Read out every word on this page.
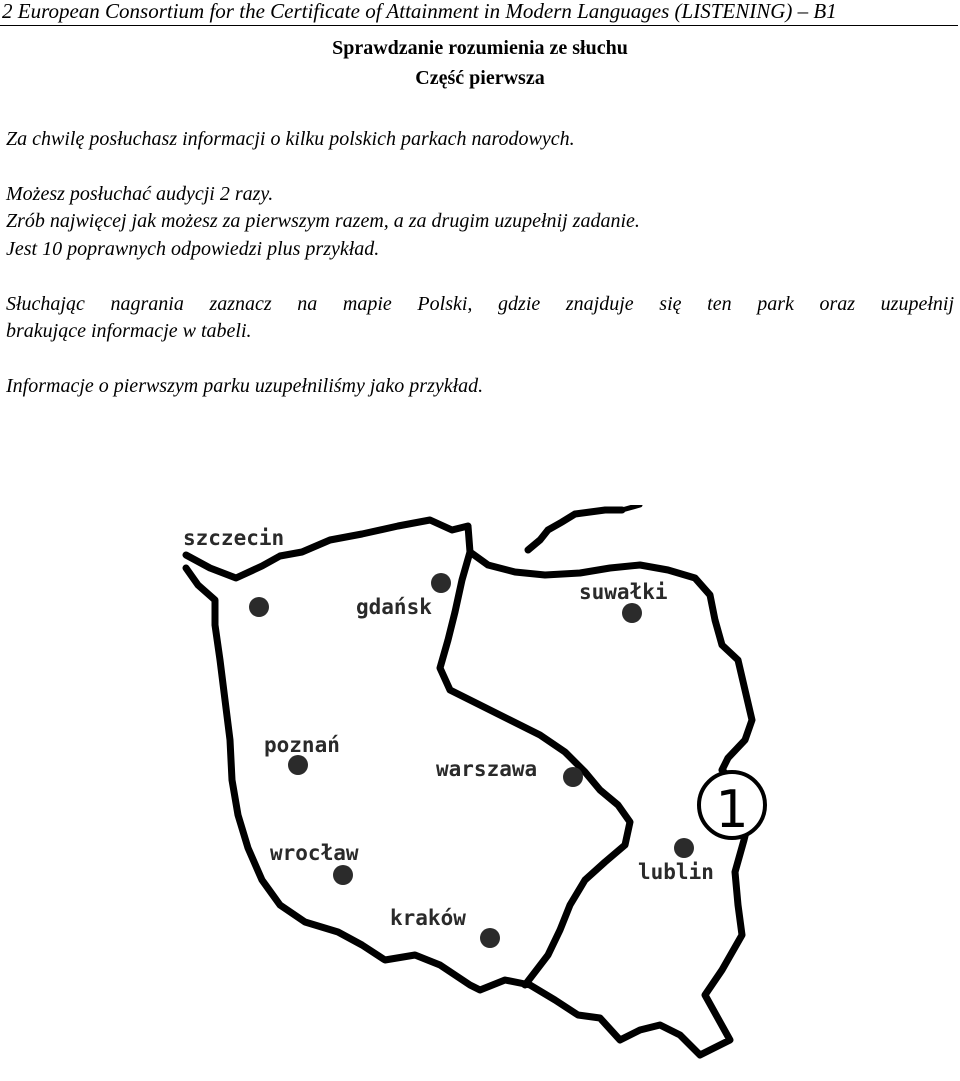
2 European Consortium for the Certificate of Attainment in Modern Languages (LISTENING) – B1
Sprawdzanie rozumienia ze słuchu
Część pierwsza
Za chwilę posłuchasz informacji o kilku polskich parkach narodowych.
Możesz posłuchać audycji 2 razy.
Zrób najwięcej jak możesz za pierwszym razem, a za drugim uzupełnij zadanie.
Jest 10 poprawnych odpowiedzi plus przykład.
Słuchając nagrania zaznacz na mapie Polski, gdzie znajduje się ten park oraz uzupełnij
brakujące informacje w tabeli.
Informacje o pierwszym parku uzupełniliśmy jako przykład.
szczecin
gdańsk
suwałki
poznań
warszawa
wrocław
kraków
lublin
1
